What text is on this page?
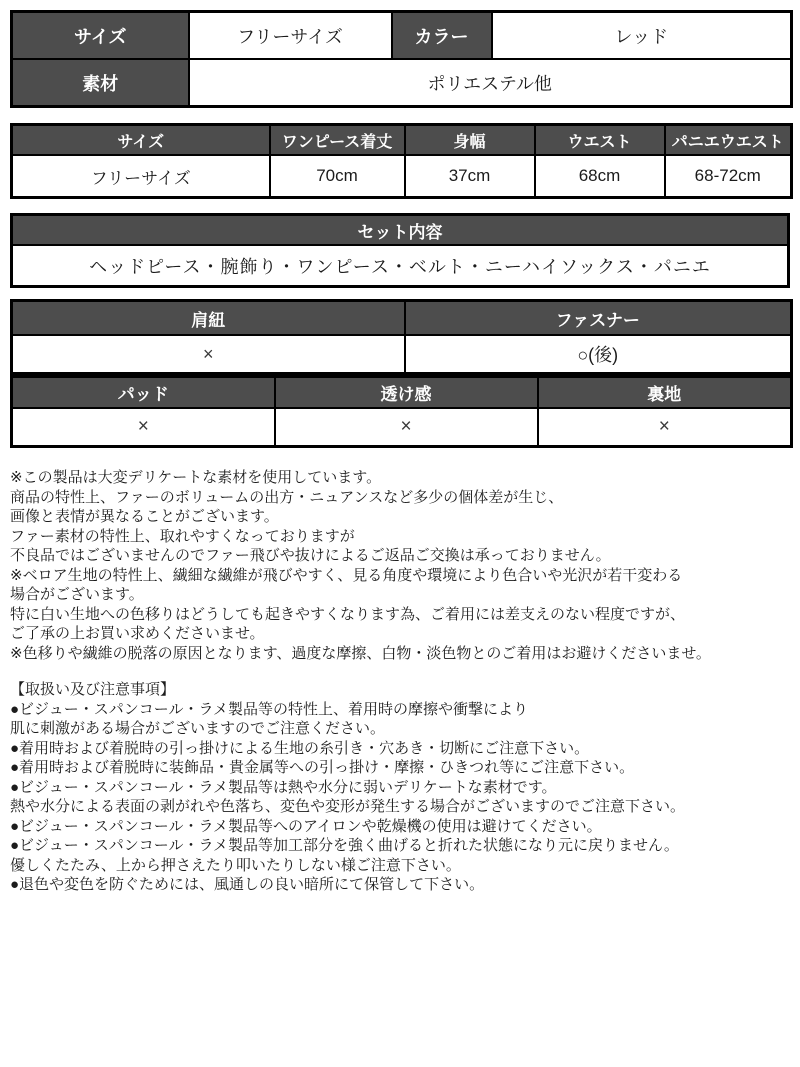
サイズ	フリーサイズ	カラー	レッド
素材	ポリエステル他		
サイズ	ワンピース着丈	身幅	ウエスト	パニエウエスト
フリーサイズ	70cm	37cm	68cm	68-72cm
セット内容
ヘッドピース・腕飾り・ワンピース・ベルト・ニーハイソックス・パニエ
肩紐	ファスナー
×	○(後)
パッド	透け感	裏地
×	×	×
※この製品は大変デリケートな素材を使用しています。
商品の特性上、ファーのボリュームの出方・ニュアンスなど多少の個体差が生じ、
画像と表情が異なることがございます。
ファー素材の特性上、取れやすくなっておりますが
不良品ではございませんのでファー飛びや抜けによるご返品ご交換は承っておりません。
※ベロア生地の特性上、繊細な繊維が飛びやすく、見る角度や環境により色合いや光沢が若干変わる
場合がございます。
特に白い生地への色移りはどうしても起きやすくなります為、ご着用には差支えのない程度ですが、
ご了承の上お買い求めくださいませ。
※色移りや繊維の脱落の原因となります、過度な摩擦、白物・淡色物とのご着用はお避けくださいませ。
【取扱い及び注意事項】
●ビジュー・スパンコール・ラメ製品等の特性上、着用時の摩擦や衝撃により
肌に刺激がある場合がございますのでご注意ください。
●着用時および着脱時の引っ掛けによる生地の糸引き・穴あき・切断にご注意下さい。
●着用時および着脱時に装飾品・貴金属等への引っ掛け・摩擦・ひきつれ等にご注意下さい。
●ビジュー・スパンコール・ラメ製品等は熱や水分に弱いデリケートな素材です。
熱や水分による表面の剥がれや色落ち、変色や変形が発生する場合がございますのでご注意下さい。
●ビジュー・スパンコール・ラメ製品等へのアイロンや乾燥機の使用は避けてください。
●ビジュー・スパンコール・ラメ製品等加工部分を強く曲げると折れた状態になり元に戻りません。
優しくたたみ、上から押さえたり叩いたりしない様ご注意下さい。
●退色や変色を防ぐためには、風通しの良い暗所にて保管して下さい。
